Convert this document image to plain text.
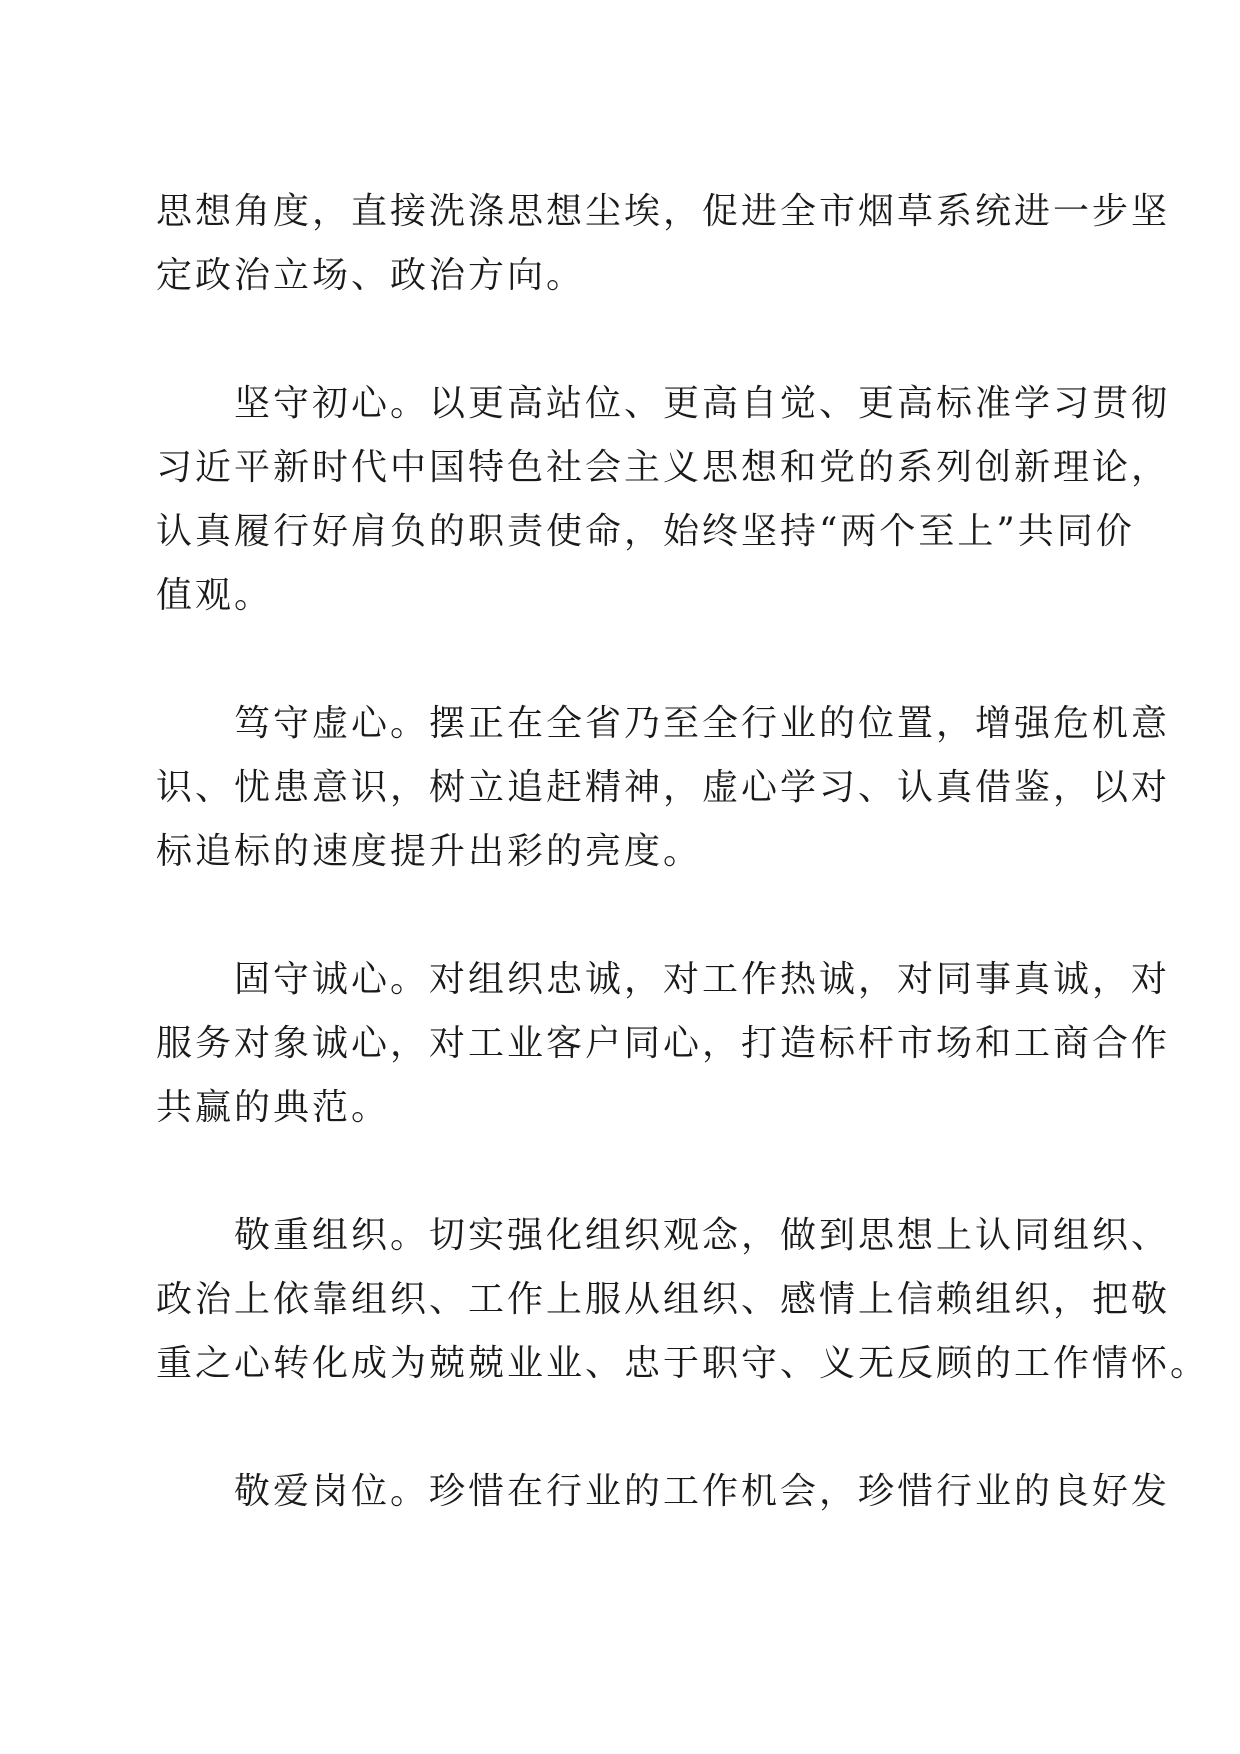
思想角度，直接洗涤思想尘埃，促进全市烟草系统进一步坚
定政治立场、政治方向。
　　坚守初心。以更高站位、更高自觉、更高标准学习贯彻
习近平新时代中国特色社会主义思想和党的系列创新理论，
认真履行好肩负的职责使命，始终坚持“两个至上”共同价
值观。
　　笃守虚心。摆正在全省乃至全行业的位置，增强危机意
识、忧患意识，树立追赶精神，虚心学习、认真借鉴，以对
标追标的速度提升出彩的亮度。
　　固守诚心。对组织忠诚，对工作热诚，对同事真诚，对
服务对象诚心，对工业客户同心，打造标杆市场和工商合作
共赢的典范。
　　敬重组织。切实强化组织观念，做到思想上认同组织、
政治上依靠组织、工作上服从组织、感情上信赖组织，把敬
重之心转化成为兢兢业业、忠于职守、义无反顾的工作情怀。
　　敬爱岗位。珍惜在行业的工作机会，珍惜行业的良好发
